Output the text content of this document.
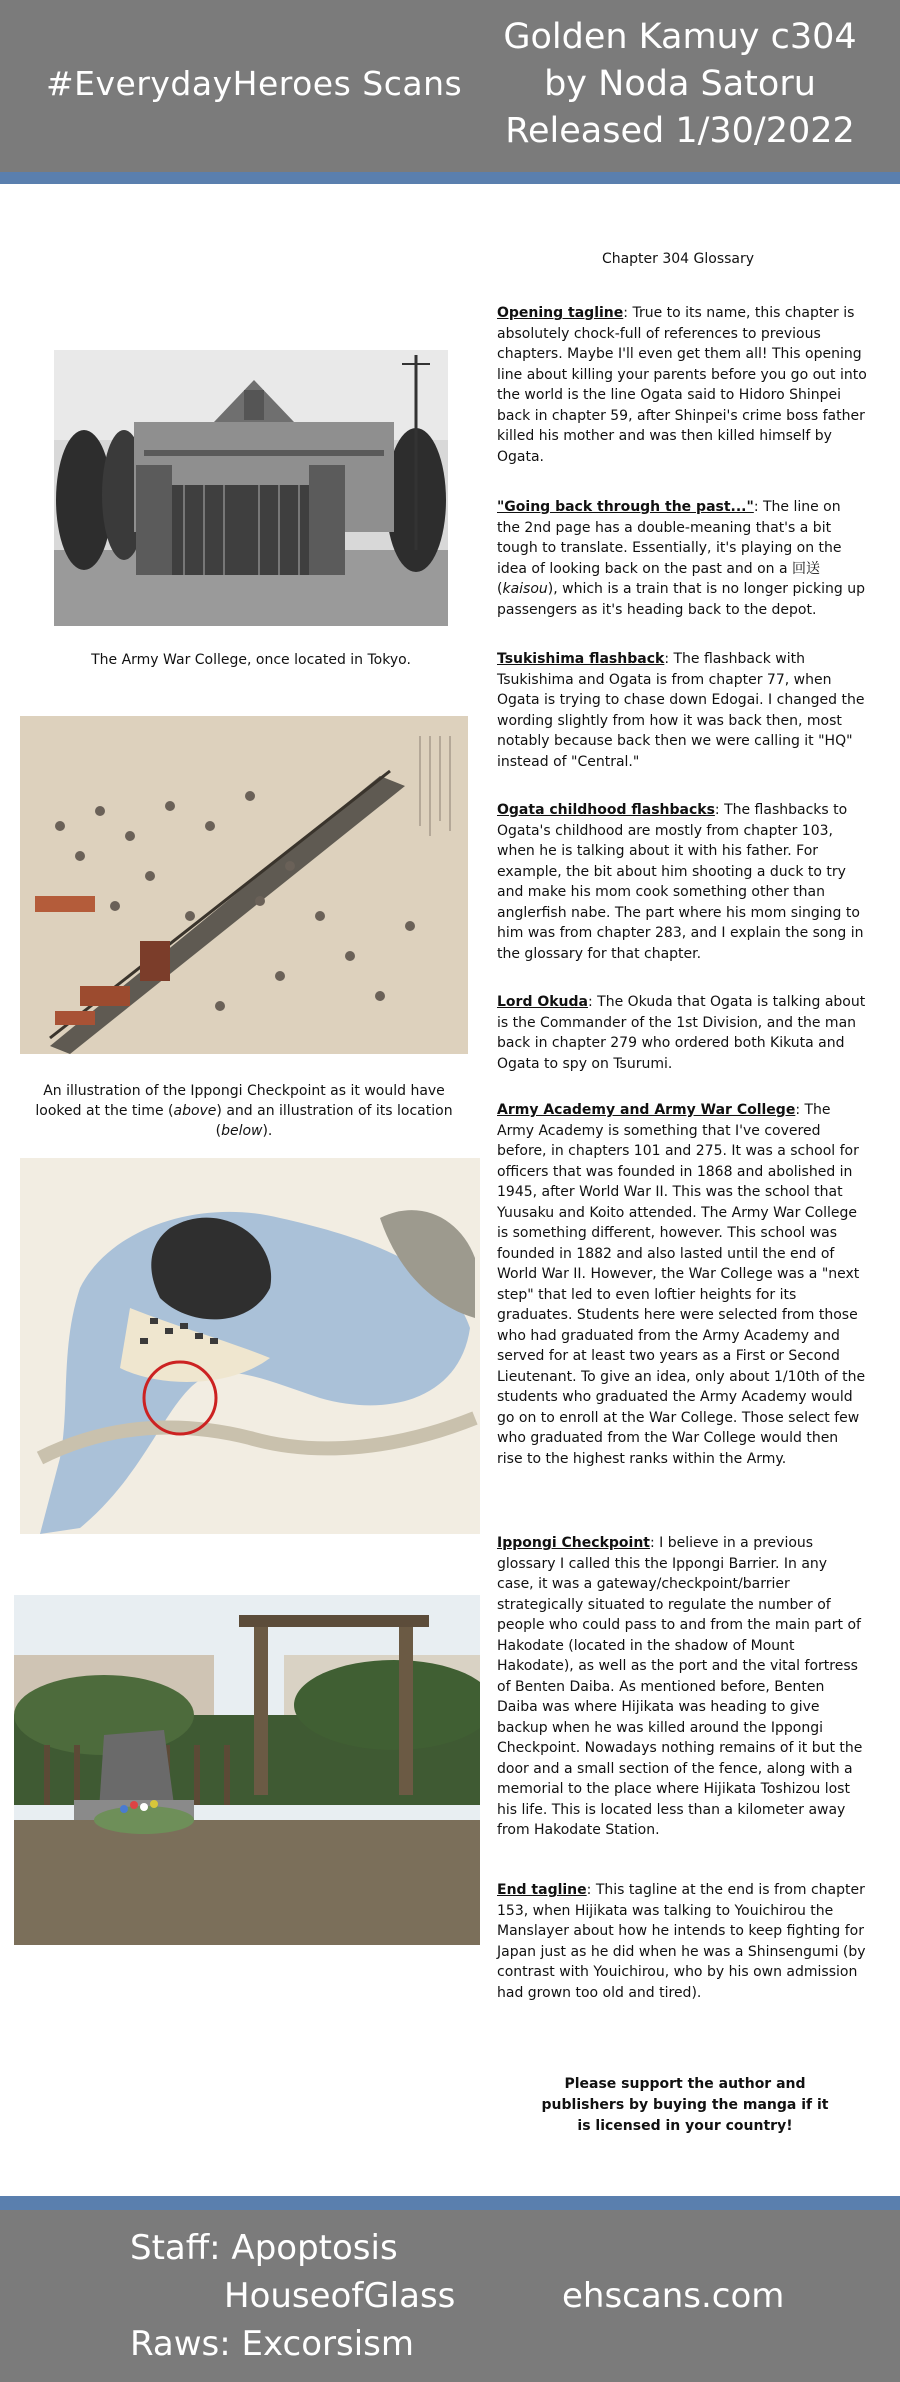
#EverydayHeroes Scans
Golden Kamuy c304
by Noda Satoru
Released 1/30/2022
The Army War College, once located in Tokyo.
An illustration of the Ippongi Checkpoint as it would have looked at the time (above) and an illustration of its location (below).
Chapter 304 Glossary
Opening tagline: True to its name, this chapter is absolutely chock-full of references to previous chapters. Maybe I'll even get them all! This opening line about killing your parents before you go out into the world is the line Ogata said to Hidoro Shinpei back in chapter 59, after Shinpei's crime boss father killed his mother and was then killed himself by Ogata.
"Going back through the past...": The line on the 2nd page has a double-meaning that's a bit tough to translate. Essentially, it's playing on the idea of looking back on the past and on a 回送 (kaisou), which is a train that is no longer picking up passengers as it's heading back to the depot.
Tsukishima flashback: The flashback with Tsukishima and Ogata is from chapter 77, when Ogata is trying to chase down Edogai. I changed the wording slightly from how it was back then, most notably because back then we were calling it "HQ" instead of "Central."
Ogata childhood flashbacks: The flashbacks to Ogata's childhood are mostly from chapter 103, when he is talking about it with his father. For example, the bit about him shooting a duck to try and make his mom cook something other than anglerfish nabe. The part where his mom singing to him was from chapter 283, and I explain the song in the glossary for that chapter.
Lord Okuda: The Okuda that Ogata is talking about is the Commander of the 1st Division, and the man back in chapter 279 who ordered both Kikuta and Ogata to spy on Tsurumi.
Army Academy and Army War College: The Army Academy is something that I've covered before, in chapters 101 and 275. It was a school for officers that was founded in 1868 and abolished in 1945, after World War II. This was the school that Yuusaku and Koito attended. The Army War College is something different, however. This school was founded in 1882 and also lasted until the end of World War II. However, the War College was a "next step" that led to even loftier heights for its graduates. Students here were selected from those who had graduated from the Army Academy and served for at least two years as a First or Second Lieutenant. To give an idea, only about 1/10th of the students who graduated the Army Academy would go on to enroll at the War College. Those select few who graduated from the War College would then rise to the highest ranks within the Army.
Ippongi Checkpoint: I believe in a previous glossary I called this the Ippongi Barrier. In any case, it was a gateway/checkpoint/barrier strategically situated to regulate the number of people who could pass to and from the main part of Hakodate (located in the shadow of Mount Hakodate), as well as the port and the vital fortress of Benten Daiba. As mentioned before, Benten Daiba was where Hijikata was heading to give backup when he was killed around the Ippongi Checkpoint. Nowadays nothing remains of it but the door and a small section of the fence, along with a memorial to the place where Hijikata Toshizou lost his life. This is located less than a kilometer away from Hakodate Station.
End tagline: This tagline at the end is from chapter 153, when Hijikata was talking to Youichirou the Manslayer about how he intends to keep fighting for Japan just as he did when he was a Shinsengumi (by contrast with Youichirou, who by his own admission had grown too old and tired).
Please support the author and publishers by buying the manga if it is licensed in your country!
Staff: Apoptosis
HouseofGlass
Raws: Excorsism
ehscans.com
